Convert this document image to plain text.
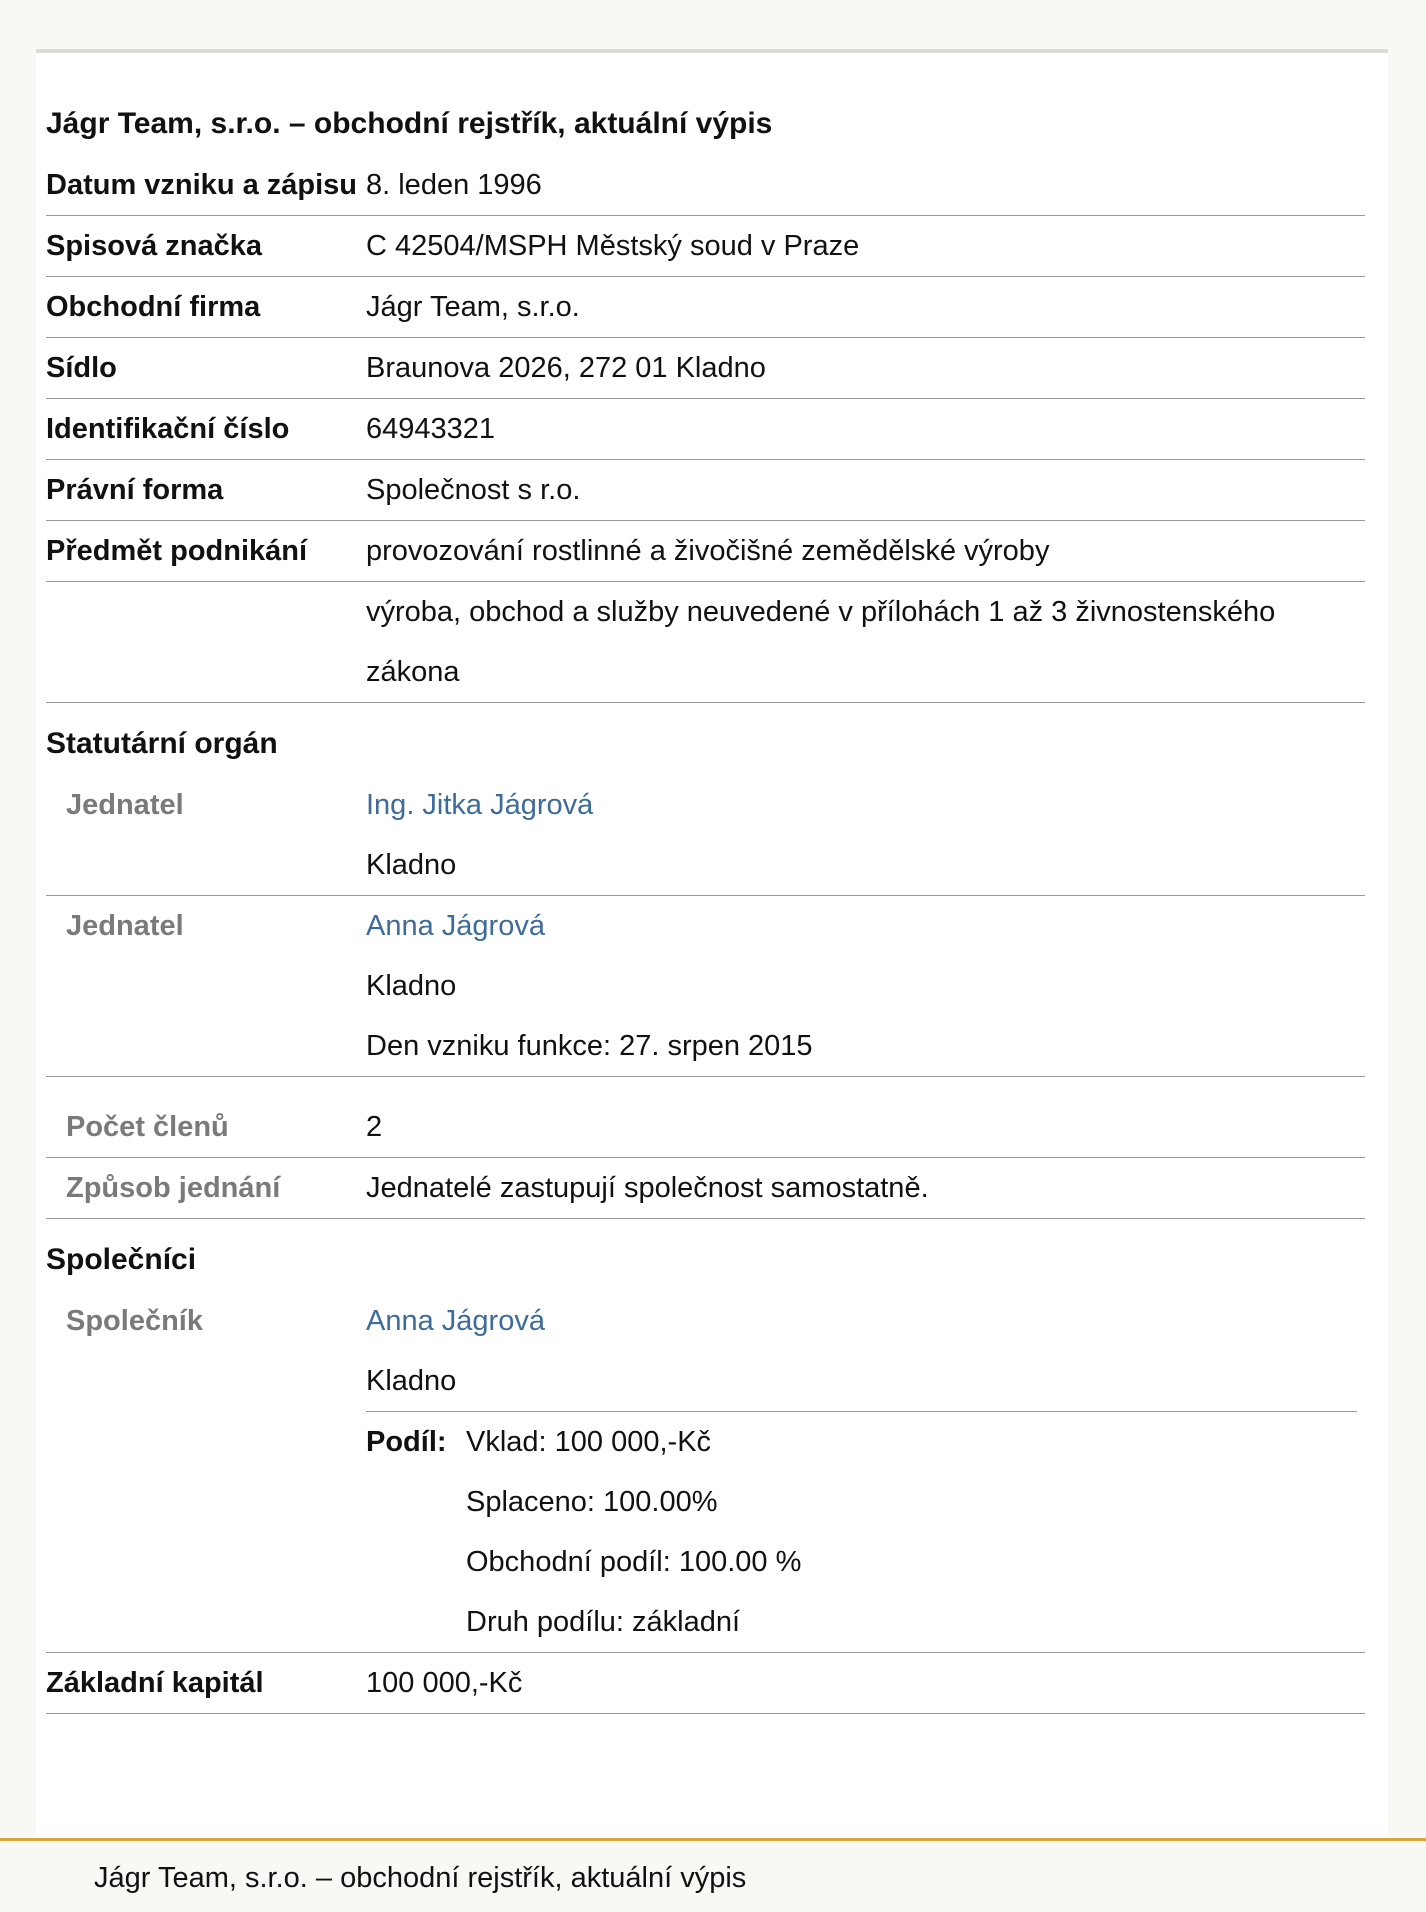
Jágr Team, s.r.o. – obchodní rejstřík, aktuální výpis
Datum vzniku a zápisu 8. leden 1996
Spisová značka	C 42504/MSPH Městský soud v Praze
Obchodní firma	Jágr Team, s.r.o.
Sídlo	Braunova 2026, 272 01 Kladno
Identifikační číslo	64943321
Právní forma	Společnost s r.o.
Předmět podnikání	provozování rostlinné a živočišné zemědělské výroby
výroba, obchod a služby neuvedené v přílohách 1 až 3 živnostenského zákona
Statutární orgán
Jednatel	Ing. Jitka Jágrová
Kladno
Jednatel	Anna Jágrová
Kladno
Den vzniku funkce: 27. srpen 2015
Počet členů	2
Způsob jednání	Jednatelé zastupují společnost samostatně.
Společníci
Společník	Anna Jágrová
Kladno
Podíl: Vklad: 100 000,-Kč
Splaceno: 100.00%
Obchodní podíl: 100.00 %
Druh podílu: základní
Základní kapitál	100 000,-Kč
Jágr Team, s.r.o. – obchodní rejstřík, aktuální výpis
